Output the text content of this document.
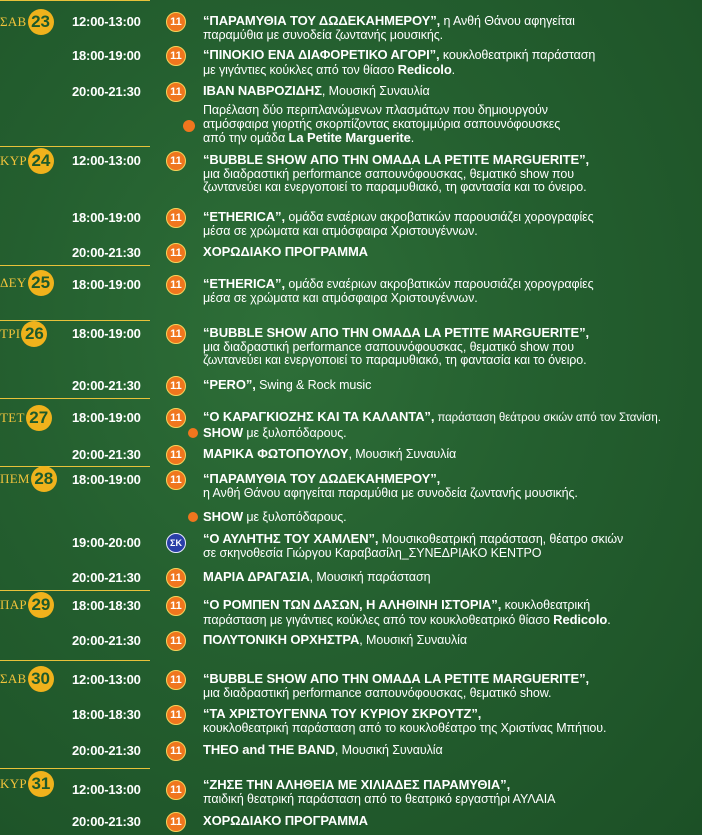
ΣΑΒ 23 12:00-13:00	11	“ΠΑΡΑΜΥΘΙΑ ΤΟΥ ΔΩΔΕΚΑΗΜΕΡΟΥ”, η Ανθή Θάνου αφηγείται
παραμύθια με συνοδεία ζωντανής μουσικής.
18:00-19:00	11	“ΠΙΝΟΚΙΟ ΕΝΑ ΔΙΑΦΟΡΕΤΙΚΟ ΑΓΟΡΙ”, κουκλοθεατρική παράσταση
με γιγάντιες κούκλες από τον θίασο Redicolo.
20:00-21:30	11	ΙΒΑΝ ΝΑΒΡΟΖΙΔΗΣ, Μουσική Συναυλία
Παρέλαση δύο περιπλανώμενων πλασμάτων που δημιουργούν
ατμόσφαιρα γιορτής σκορπίζοντας εκατομμύρια σαπουνόφουσκες
από την ομάδα La Petite Marguerite.
ΚΥΡ 24 12:00-13:00	11	“BUBBLE SHOW ΑΠΟ ΤΗΝ ΟΜΑΔΑ LA PETITE MARGUERITE”,
μια διαδραστική performance σαπουνόφουσκας, θεματικό show που
ζωντανεύει και ενεργοποιεί το παραμυθιακό, τη φαντασία και το όνειρο.
18:00-19:00	11	“ETHERICA”, ομάδα εναέριων ακροβατικών παρουσιάζει χορογραφίες
μέσα σε χρώματα και ατμόσφαιρα Χριστουγέννων.
20:00-21:30	11	ΧΟΡΩΔΙΑΚΟ ΠΡΟΓΡΑΜΜΑ
ΔΕΥ 25 18:00-19:00	11	“ETHERICA”, ομάδα εναέριων ακροβατικών παρουσιάζει χορογραφίες
μέσα σε χρώματα και ατμόσφαιρα Χριστουγέννων.
ΤΡΙ 26 18:00-19:00	11	“BUBBLE SHOW ΑΠΟ ΤΗΝ ΟΜΑΔΑ LA PETITE MARGUERITE”,
μια διαδραστική performance σαπουνόφουσκας, θεματικό show που
ζωντανεύει και ενεργοποιεί το παραμυθιακό, τη φαντασία και το όνειρο.
20:00-21:30	11	“PERO”, Swing & Rock music
ΤΕΤ 27 18:00-19:00	11	“Ο ΚΑΡΑΓΚΙΟΖΗΣ ΚΑΙ ΤΑ ΚΑΛΑΝΤΑ”, παράσταση θεάτρου σκιών από τον Στανίση.
SHOW με ξυλοπόδαρους.
20:00-21:30	11	ΜΑΡΙΚΑ ΦΩΤΟΠΟΥΛΟΥ, Μουσική Συναυλία
ΠΕΜ 28 18:00-19:00	11	“ΠΑΡΑΜΥΘΙΑ ΤΟΥ ΔΩΔΕΚΑΗΜΕΡΟΥ”,
η Ανθή Θάνου αφηγείται παραμύθια με συνοδεία ζωντανής μουσικής.
SHOW με ξυλοπόδαρους.
19:00-20:00	ΣΚ	“Ο ΑΥΛΗΤΗΣ ΤΟΥ ΧΑΜΛΕΝ”, Μουσικοθεατρική παράσταση, θέατρο σκιών
σε σκηνοθεσία Γιώργου Καραβασίλη_ΣΥΝΕΔΡΙΑΚΟ ΚΕΝΤΡΟ
20:00-21:30	11	ΜΑΡΙΑ ΔΡΑΓΑΣΙΑ, Μουσική παράσταση
ΠΑΡ 29 18:00-18:30	11	“Ο ΡΟΜΠΕΝ ΤΩΝ ΔΑΣΩΝ, Η ΑΛΗΘΙΝΗ ΙΣΤΟΡΙΑ”, κουκλοθεατρική
παράσταση με γιγάντιες κούκλες από τον κουκλοθεατρικό θίασο Redicolo.
20:00-21:30	11	ΠΟΛΥΤΟΝΙΚΗ ΟΡΧΗΣΤΡΑ, Μουσική Συναυλία
ΣΑΒ 30 12:00-13:00	11	“BUBBLE SHOW ΑΠΟ ΤΗΝ ΟΜΑΔΑ LA PETITE MARGUERITE”,
μια διαδραστική performance σαπουνόφουσκας, θεματικό show.
18:00-18:30	11	“ΤΑ ΧΡΙΣΤΟΥΓΕΝΝΑ ΤΟΥ ΚΥΡΙΟΥ ΣΚΡΟΥΤΖ”,
κουκλοθεατρική παράσταση από το κουκλοθέατρο της Χριστίνας Μπήτιου.
20:00-21:30	11	THEO and THE BAND, Μουσική Συναυλία
ΚΥΡ 31 12:00-13:00	11	“ΖΗΣΕ ΤΗΝ ΑΛΗΘΕΙΑ ΜΕ ΧΙΛΙΑΔΕΣ ΠΑΡΑΜΥΘΙΑ”,
παιδική θεατρική παράσταση από το θεατρικό εργαστήρι ΑΥΛΑΙΑ
20:00-21:30	11	ΧΟΡΩΔΙΑΚΟ ΠΡΟΓΡΑΜΜΑ
